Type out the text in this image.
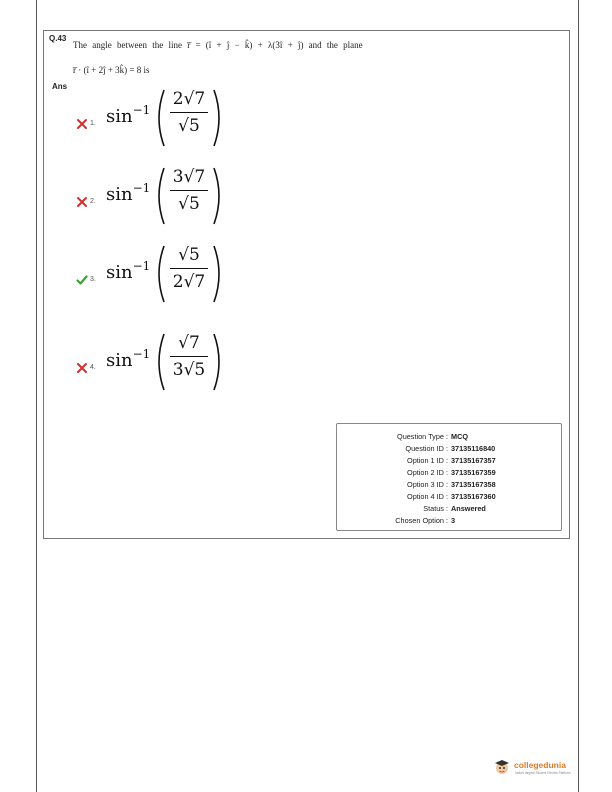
Q.43
The angle between the line r̅ = (î + ĵ − k̂) + λ(3î + ĵ) and the plane
r̅ · (î + 2ĵ + 3k̂) = 8 is
Ans
1. $\sin^{-1}$
2√7
√5
2. $\sin^{-1}$
3√7
√5
3. $\sin^{-1}$
√5
2√7
4. $\sin^{-1}$
√7
3√5
Question Type : MCQ
Question ID : 37135116840
Option 1 ID : 37135167357
Option 2 ID : 37135167359
Option 3 ID : 37135167358
Option 4 ID : 37135167360
Status : Answered
Chosen Option : 3
collegedunia
India's largest Student Review Platform
